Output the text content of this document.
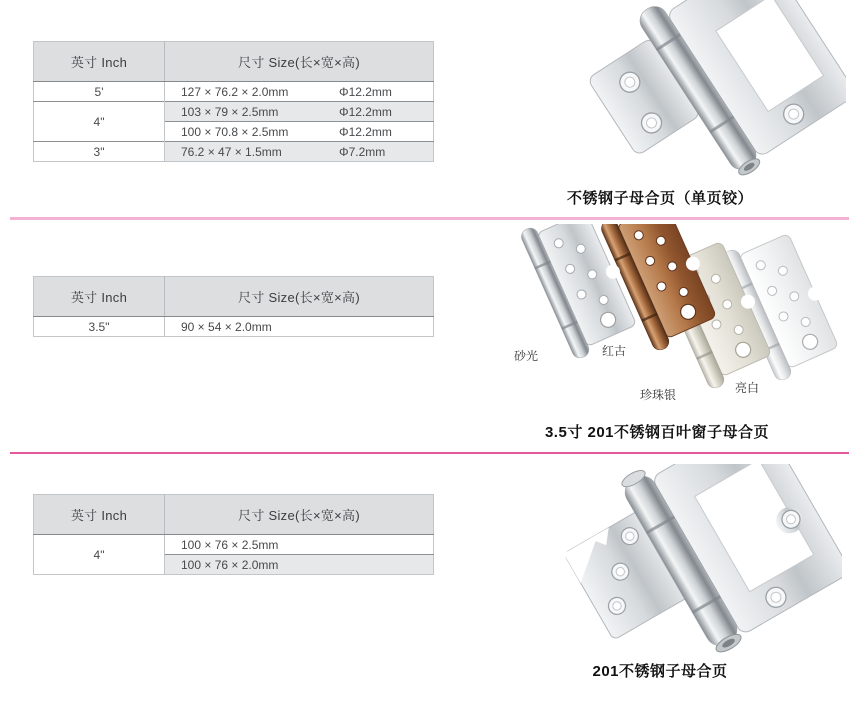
英寸 Inch	尺寸 Size(长×宽×高)
5'	127 × 76.2 × 2.0mm Φ12.2mm
4"	103 × 79 × 2.5mm Φ12.2mm
	100 × 70.8 × 2.5mm Φ12.2mm
3"	76.2 × 47 × 1.5mm Φ7.2mm
不锈钢子母合页（单页铰）
英寸 Inch	尺寸 Size(长×宽×高)
3.5"	90 × 54 × 2.0mm
砂光	红古
珍珠银	亮白
3.5寸 201不锈钢百叶窗子母合页
英寸 Inch	尺寸 Size(长×宽×高)
4"	100 × 76 × 2.5mm
	100 × 76 × 2.0mm
201不锈钢子母合页
